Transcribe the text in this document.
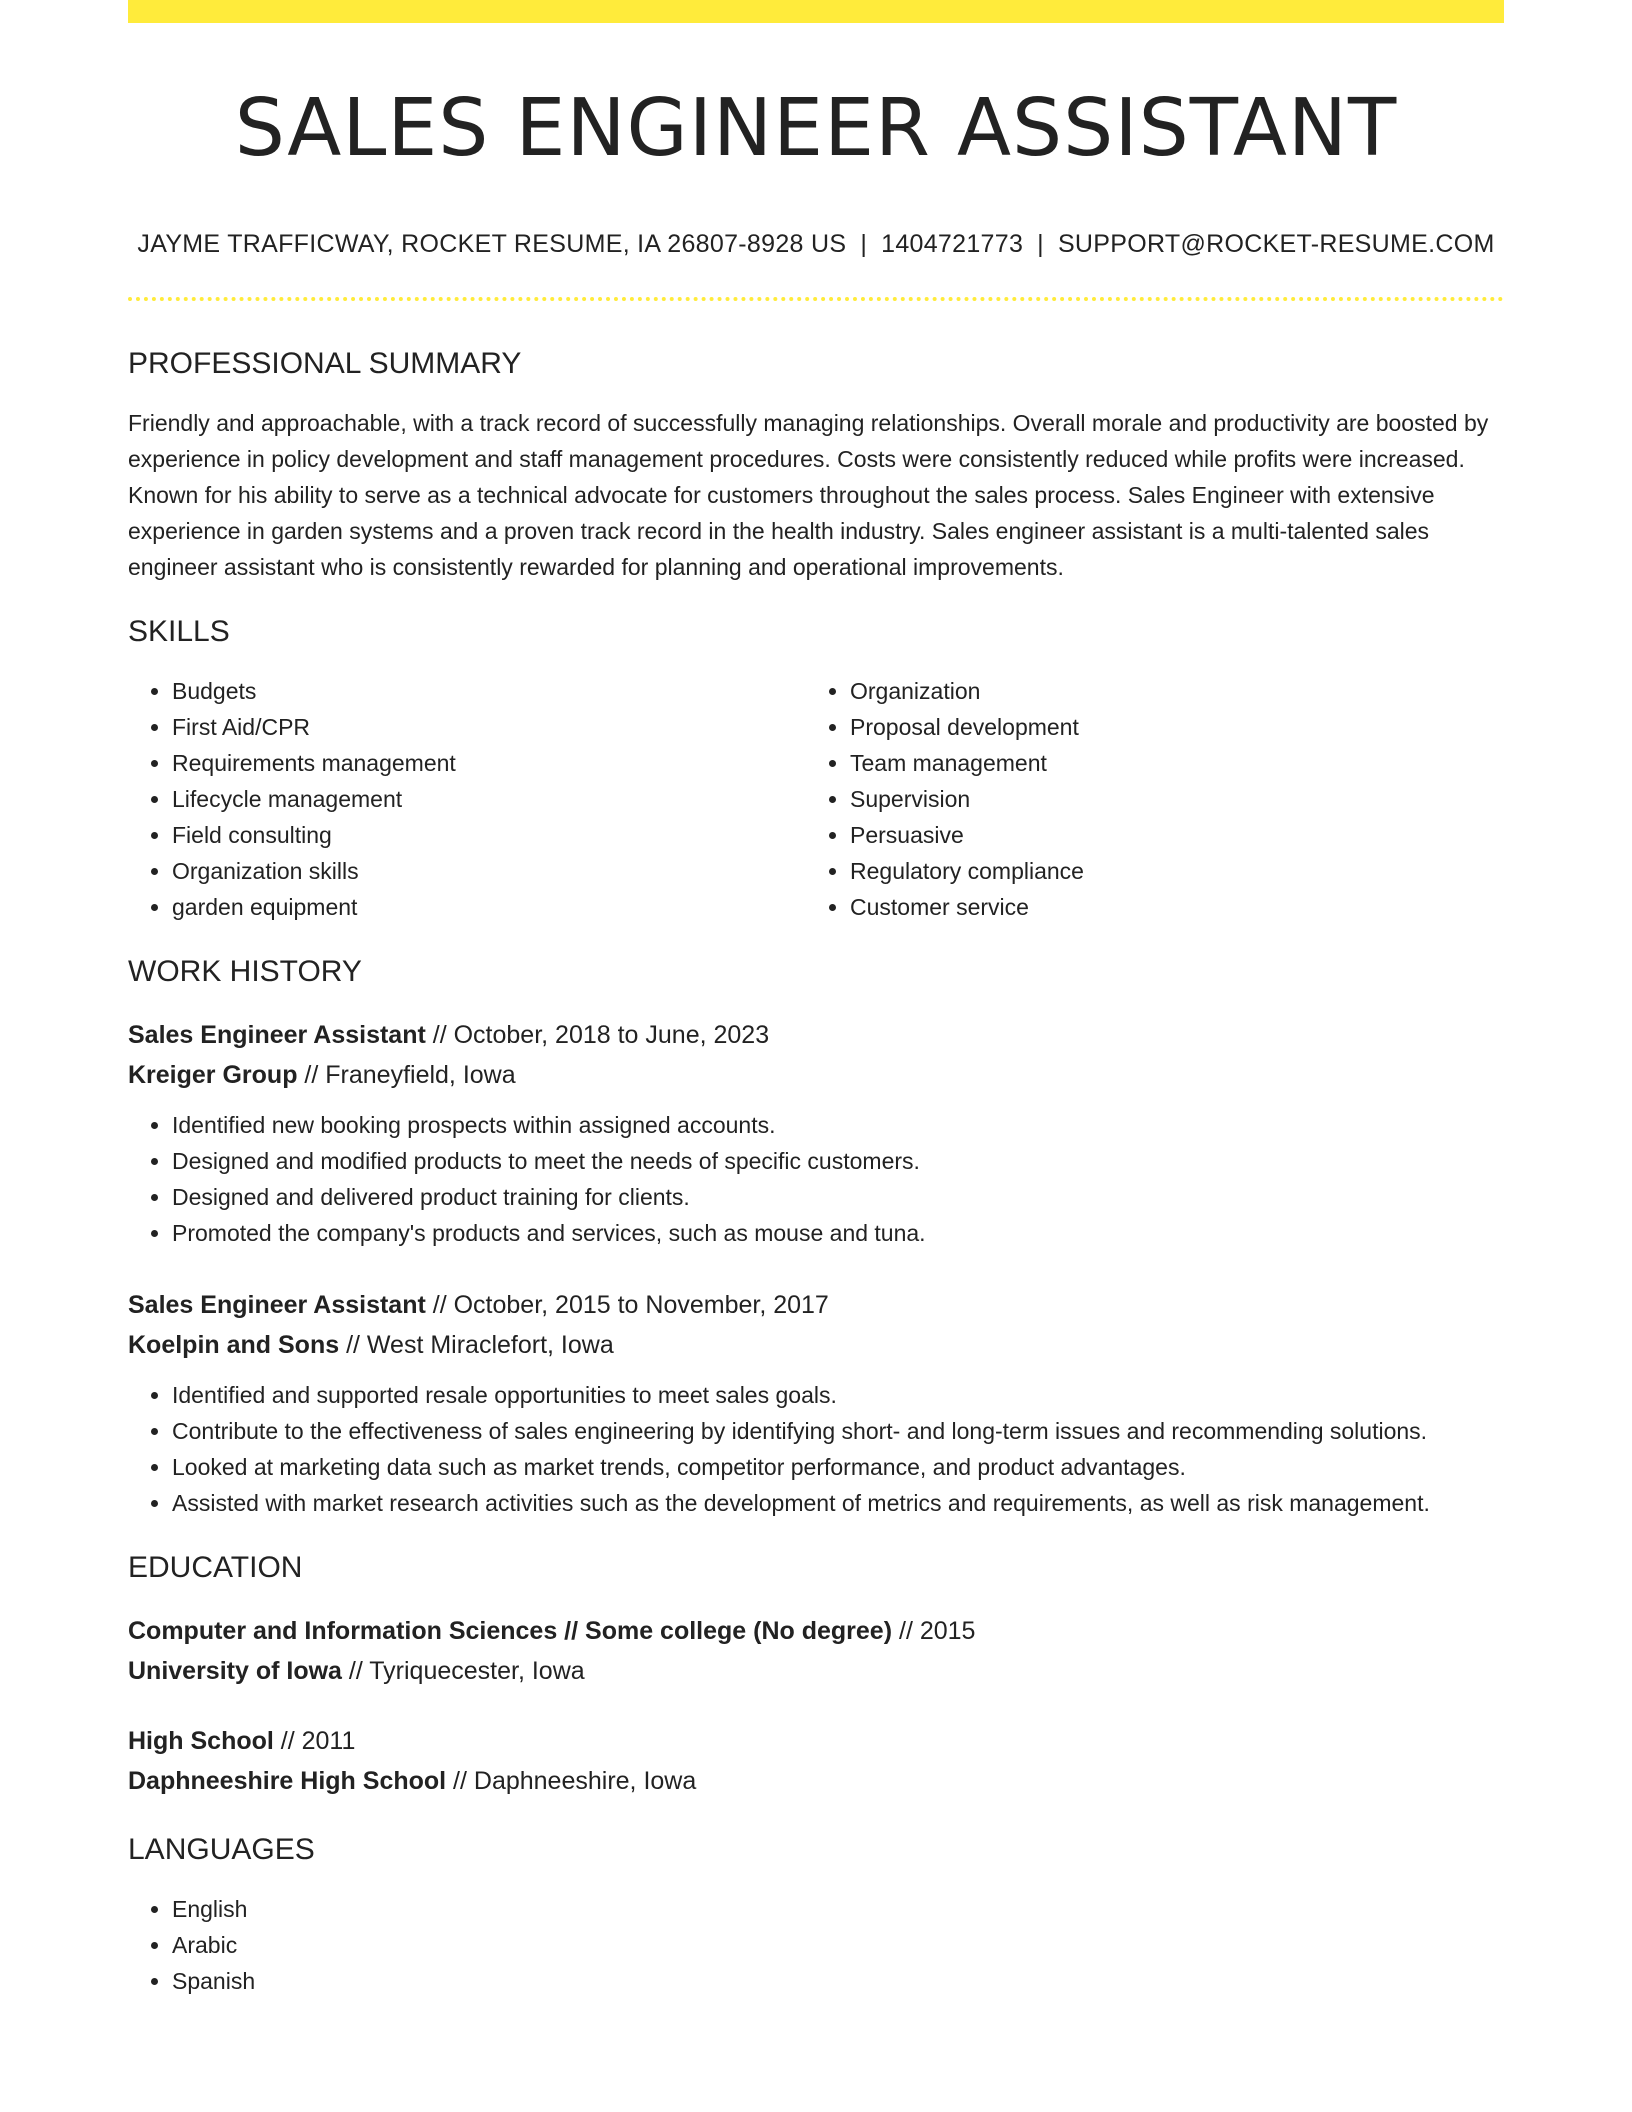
SALES ENGINEER ASSISTANT
JAYME TRAFFICWAY, ROCKET RESUME, IA 26807-8928 US | 1404721773 | SUPPORT@ROCKET-RESUME.COM
PROFESSIONAL SUMMARY

Friendly and approachable, with a track record of successfully managing relationships. Overall morale and productivity are boosted by experience in policy development and staff management procedures. Costs were consistently reduced while profits were increased. Known for his ability to serve as a technical advocate for customers throughout the sales process. Sales Engineer with extensive experience in garden systems and a proven track record in the health industry. Sales engineer assistant is a multi-talented sales engineer assistant who is consistently rewarded for planning and operational improvements.

SKILLS
• Budgets
• First Aid/CPR
• Requirements management
• Lifecycle management
• Field consulting
• Organization skills
• garden equipment
• Organization
• Proposal development
• Team management
• Supervision
• Persuasive
• Regulatory compliance
• Customer service
WORK HISTORY
Sales Engineer Assistant // October, 2018 to June, 2023
Kreiger Group // Franeyfield, Iowa
• Identified new booking prospects within assigned accounts.
• Designed and modified products to meet the needs of specific customers.
• Designed and delivered product training for clients.
• Promoted the company's products and services, such as mouse and tuna.
Sales Engineer Assistant // October, 2015 to November, 2017
Koelpin and Sons // West Miraclefort, Iowa
• Identified and supported resale opportunities to meet sales goals.
• Contribute to the effectiveness of sales engineering by identifying short- and long-term issues and recommending solutions.
• Looked at marketing data such as market trends, competitor performance, and product advantages.
• Assisted with market research activities such as the development of metrics and requirements, as well as risk management.
EDUCATION
Computer and Information Sciences // Some college (No degree) // 2015
University of Iowa // Tyriquecester, Iowa
High School // 2011
Daphneeshire High School // Daphneeshire, Iowa
LANGUAGES
• English
• Arabic
• Spanish
